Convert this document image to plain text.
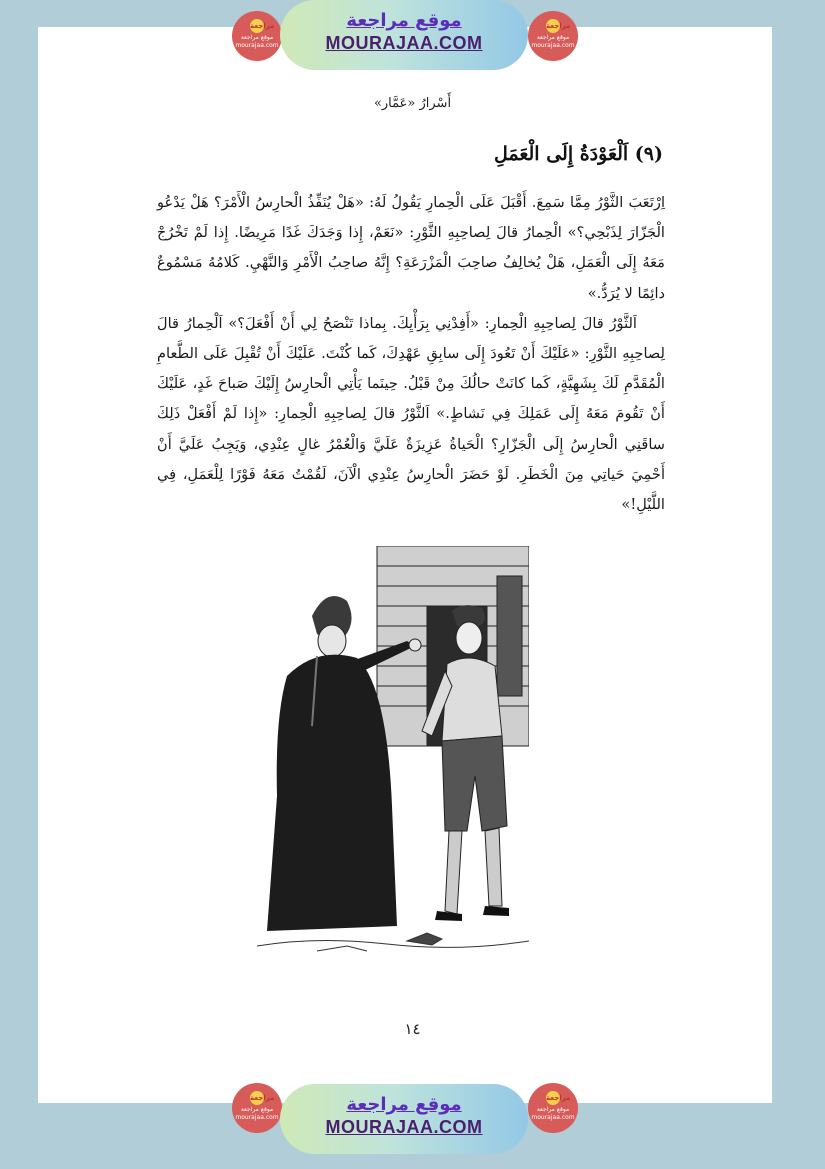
مراجعة
موقع مراجعة
mourajaa.com
موقع مراجعة
MOURAJAA.COM
مراجعة
موقع مراجعة
mourajaa.com
أَسْرارُ «عَمَّار»
(٩) اَلْعَوْدَةُ إِلَى الْعَمَلِ

اِرْتَعَبَ الثَّوْرُ مِمَّا سَمِعَ. أَقْبَلَ عَلَى الْحِمارِ يَقُولُ لَهُ: «هَلْ يُنَفِّذُ الْحارِسُ الْأَمْرَ؟ هَلْ يَدْعُو الْجَزّارَ لِذَبْحِي؟» الْحِمارُ قالَ لِصاحِبِهِ الثَّوْرِ: «نَعَمْ، إِذا وَجَدَكَ غَدًا مَرِيضًا. إِذا لَمْ تَخْرُجْ مَعَهُ إِلَى الْعَمَلِ، هَلْ يُخالِفُ صاحِبَ الْمَزْرَعَةِ؟ إِنَّهُ صاحِبُ الْأَمْرِ وَالنَّهْيِ. كَلامُهُ مَسْمُوعٌ دائِمًا لا يُرَدُّ.»

اَلثَّوْرُ قالَ لِصاحِبِهِ الْحِمارِ: «أَفِدْنِي بِرَأْيِكَ. بِماذا تَنْصَحُ لِي أَنْ أَفْعَلَ؟» اَلْحِمارُ قالَ لِصاحِبِهِ الثَّوْرِ: «عَلَيْكَ أَنْ تَعُودَ إِلَى سابِقِ عَهْدِكَ، كَما كُنْتَ. عَلَيْكَ أَنْ تُقْبِلَ عَلَى الطَّعامِ الْمُقَدَّمِ لَكَ بِشَهِيَّةٍ، كَما كانَتْ حالُكَ مِنْ قَبْلُ. حِينَما يَأْتِي الْحارِسُ إِلَيْكَ صَباحَ غَدٍ، عَلَيْكَ أَنْ تَقُومَ مَعَهُ إِلَى عَمَلِكَ فِي نَشاطٍ.» اَلثَّوْرُ قالَ لِصاحِبِهِ الْحِمارِ: «إِذا لَمْ أَفْعَلْ ذَلِكَ ساقَنِي الْحارِسُ إِلَى الْجَزّارِ؟ الْحَياةُ عَزِيزَةٌ عَلَيَّ وَالْعُمْرُ غالٍ عِنْدِي، وَيَجِبُ عَلَيَّ أَنْ أَحْمِيَ حَياتِي مِنَ الْخَطَرِ. لَوْ حَضَرَ الْحارِسُ عِنْدِي الْآنَ، لَقُمْتُ مَعَهُ فَوْرًا لِلْعَمَلِ، فِي اللَّيْلِ!»

١٤
مراجعة
موقع مراجعة
mourajaa.com
موقع مراجعة
MOURAJAA.COM
مراجعة
موقع مراجعة
mourajaa.com
